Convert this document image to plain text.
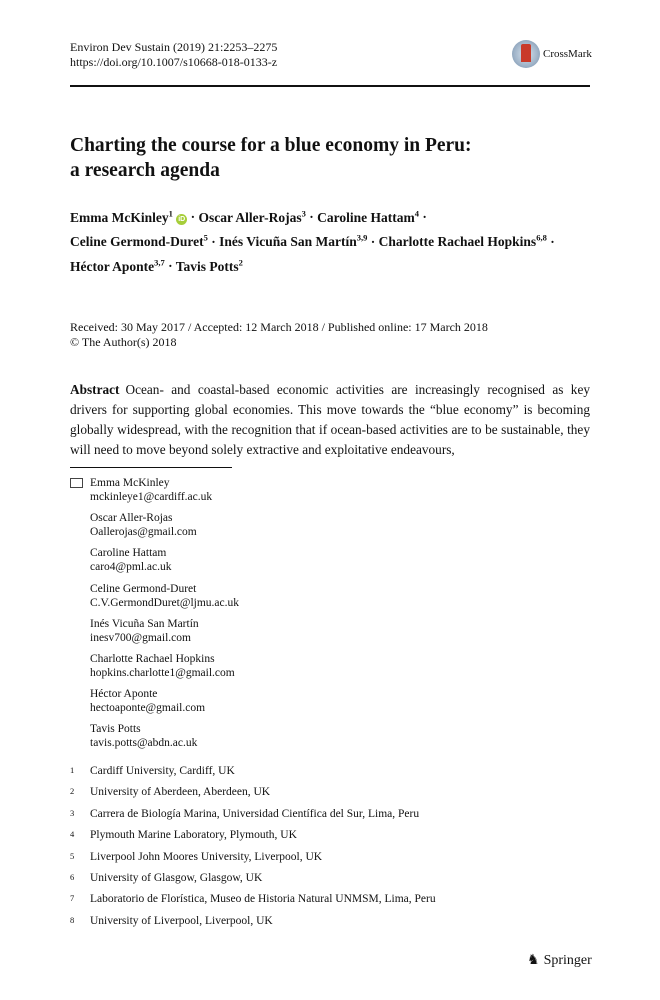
Environ Dev Sustain (2019) 21:2253–2275
https://doi.org/10.1007/s10668-018-0133-z
CrossMark
Charting the course for a blue economy in Peru:
a research agenda
Emma McKinley$^1$ iD · Oscar Aller-Rojas$^3$ · Caroline Hattam$^4$ ·
Celine Germond-Duret$^5$ · Inés Vicuña San Martín$^{3,9}$ · Charlotte Rachael Hopkins$^{6,8}$ ·
Héctor Aponte$^{3,7}$ · Tavis Potts$^2$
Received: 30 May 2017 / Accepted: 12 March 2018 / Published online: 17 March 2018
© The Author(s) 2018
Abstract Ocean- and coastal-based economic activities are increasingly recognised as key drivers for supporting global economies. This move towards the “blue economy” is becoming globally widespread, with the recognition that if ocean-based activities are to be sustainable, they will need to move beyond solely extractive and exploitative endeavours,
Emma McKinley
mckinleye1@cardiff.ac.uk
Oscar Aller-Rojas
Oallerojas@gmail.com
Caroline Hattam
caro4@pml.ac.uk
Celine Germond-Duret
C.V.GermondDuret@ljmu.ac.uk
Inés Vicuña San Martín
inesv700@gmail.com
Charlotte Rachael Hopkins
hopkins.charlotte1@gmail.com
Héctor Aponte
hectoaponte@gmail.com
Tavis Potts
tavis.potts@abdn.ac.uk
1	Cardiff University, Cardiff, UK
2	University of Aberdeen, Aberdeen, UK
3	Carrera de Biología Marina, Universidad Científica del Sur, Lima, Peru
4	Plymouth Marine Laboratory, Plymouth, UK
5	Liverpool John Moores University, Liverpool, UK
6	University of Glasgow, Glasgow, UK
7	Laboratorio de Florística, Museo de Historia Natural UNMSM, Lima, Peru
8	University of Liverpool, Liverpool, UK
♞ Springer
